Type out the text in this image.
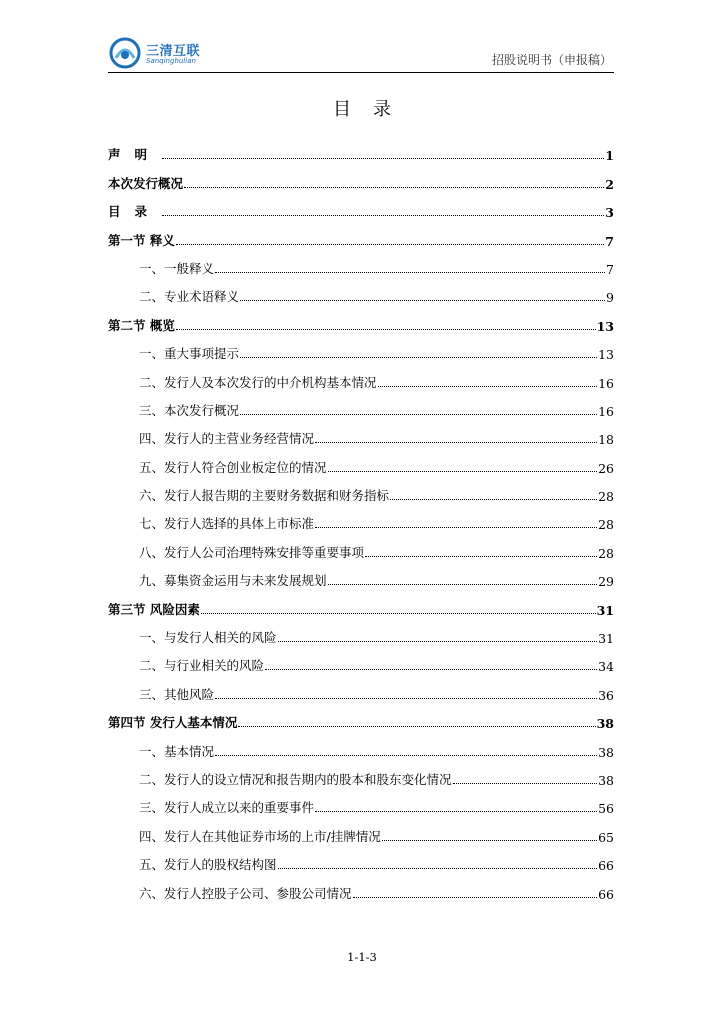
三清互联
Sanqinghulian	招股说明书（申报稿）
目录
声明	1
本次发行概况	2
目录	3
第一节 释义	7
一、一般释义	7
二、专业术语释义	9
第二节 概览	13
一、重大事项提示	13
二、发行人及本次发行的中介机构基本情况	16
三、本次发行概况	16
四、发行人的主营业务经营情况	18
五、发行人符合创业板定位的情况	26
六、发行人报告期的主要财务数据和财务指标	28
七、发行人选择的具体上市标准	28
八、发行人公司治理特殊安排等重要事项	28
九、募集资金运用与未来发展规划	29
第三节 风险因素	31
一、与发行人相关的风险	31
二、与行业相关的风险	34
三、其他风险	36
第四节 发行人基本情况	38
一、基本情况	38
二、发行人的设立情况和报告期内的股本和股东变化情况	38
三、发行人成立以来的重要事件	56
四、发行人在其他证券市场的上市/挂牌情况	65
五、发行人的股权结构图	66
六、发行人控股子公司、参股公司情况	66
1-1-3
